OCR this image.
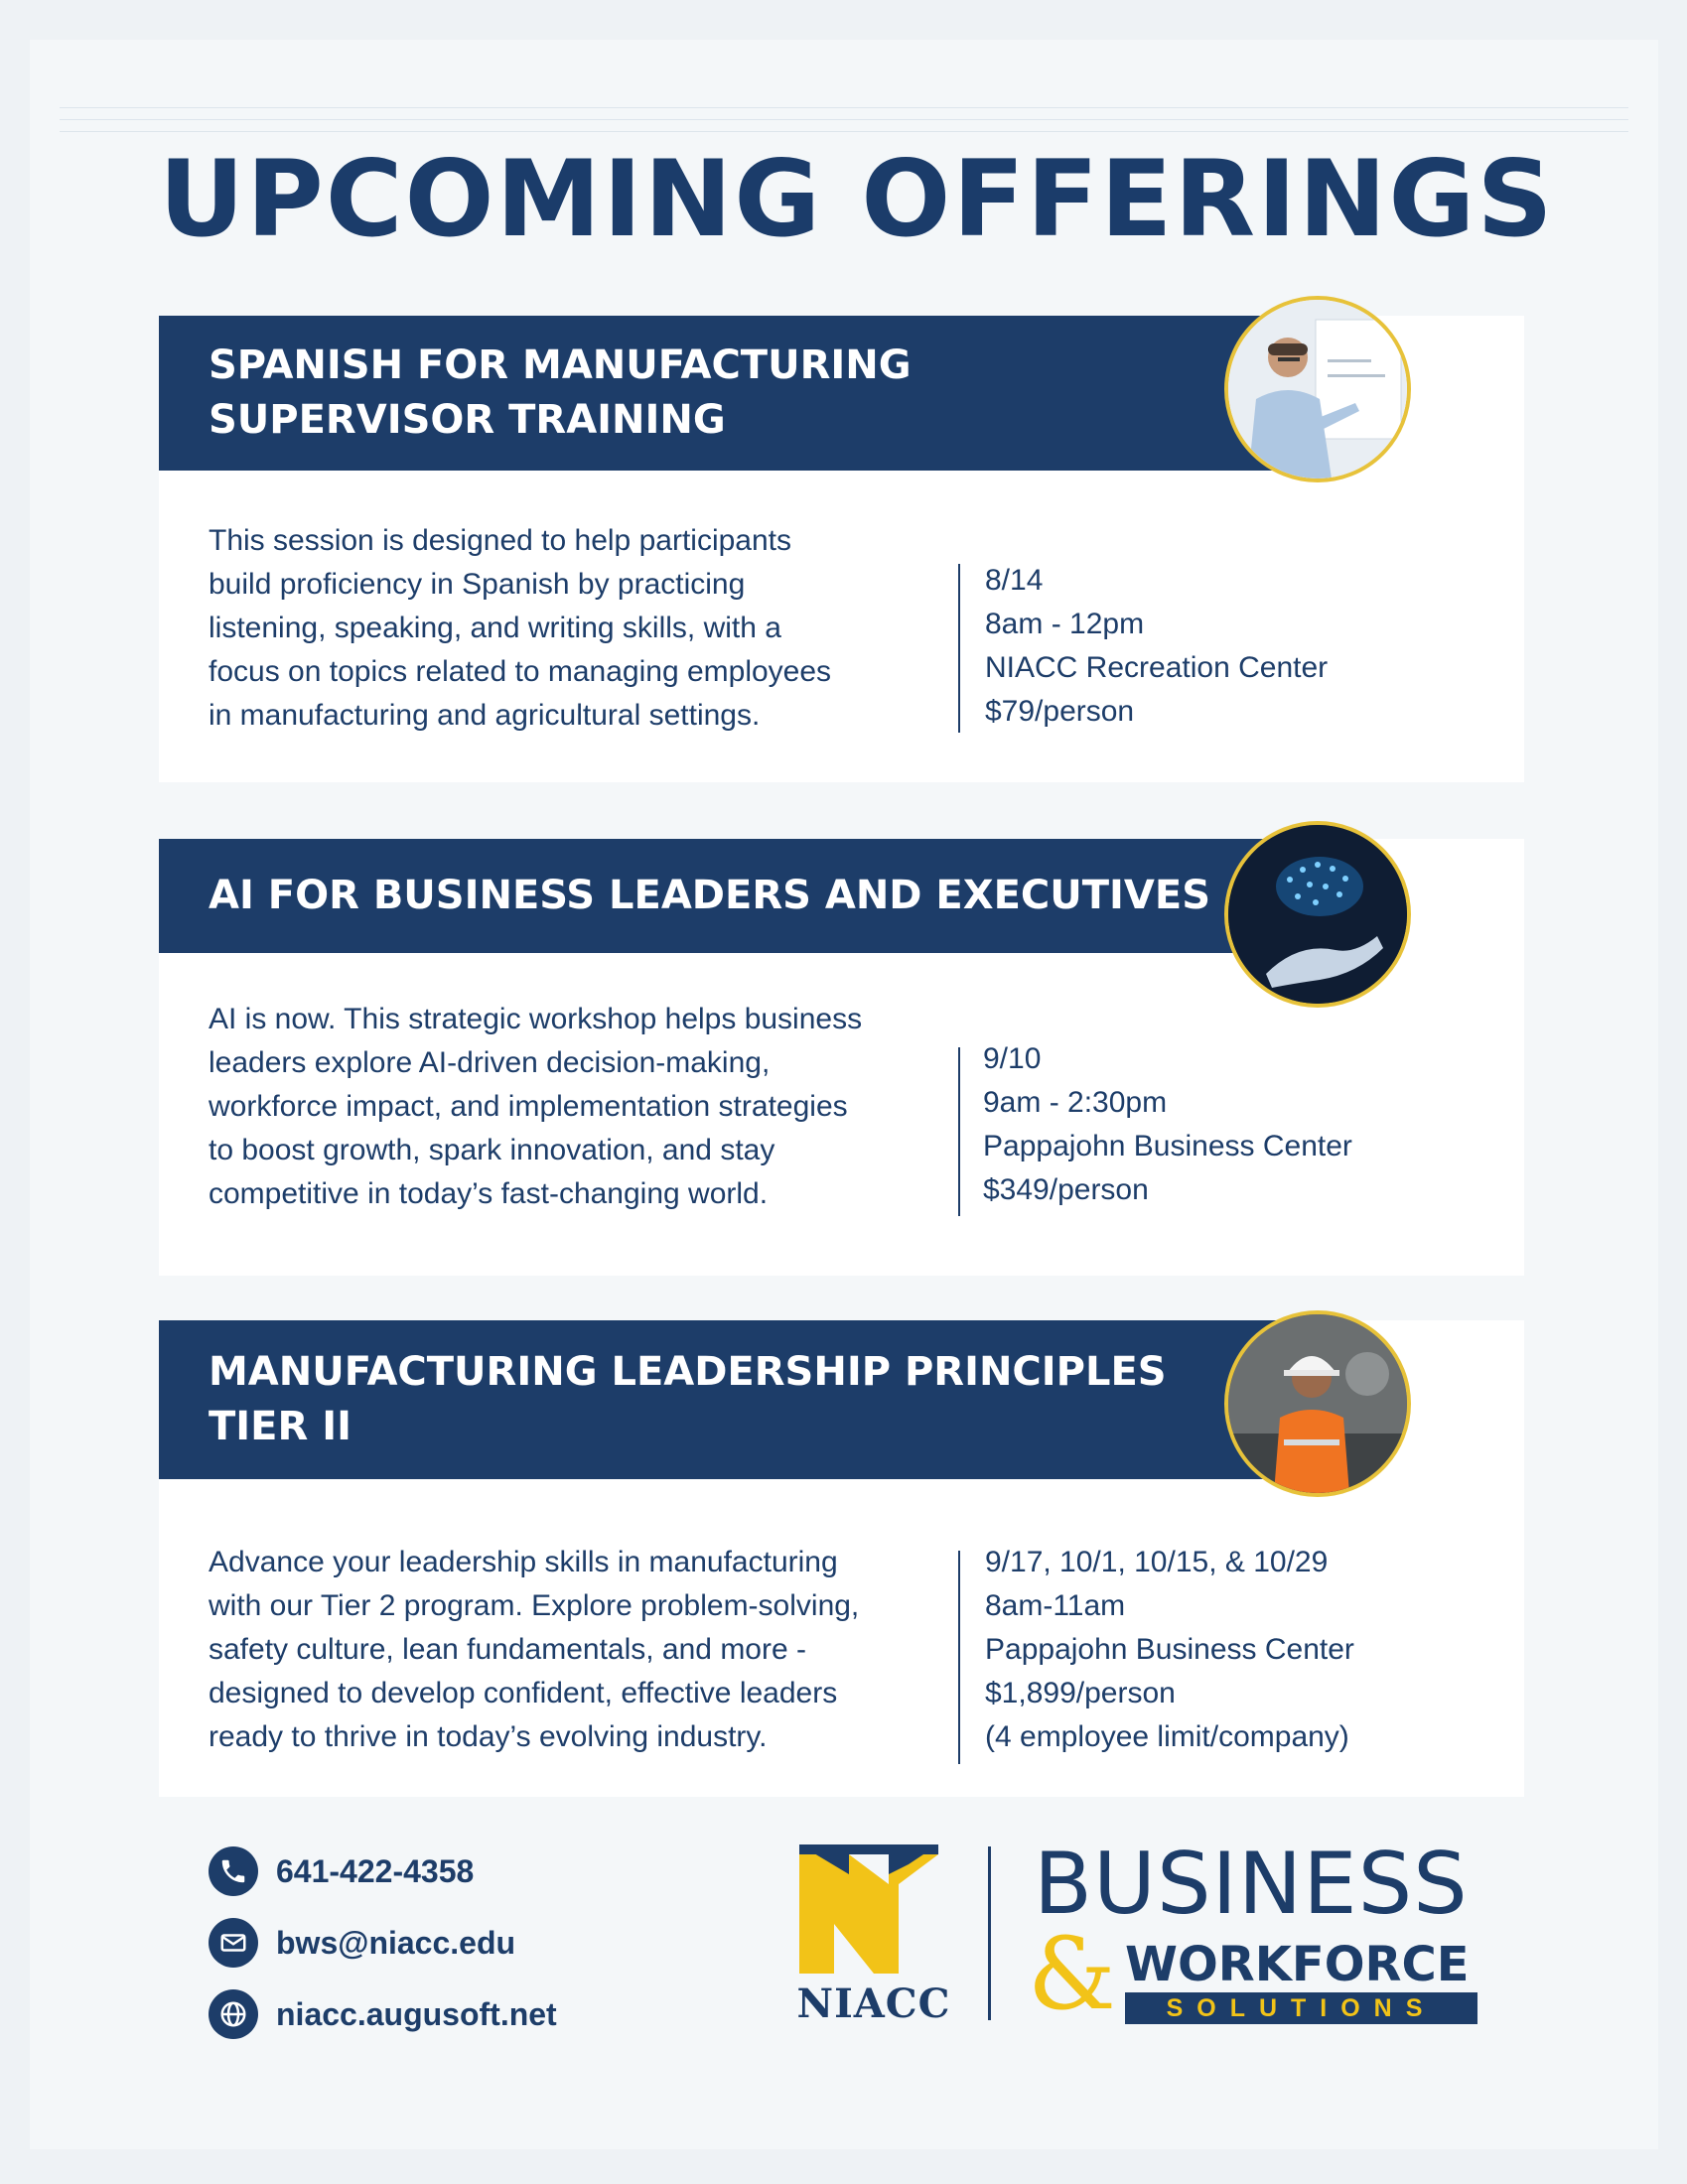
UPCOMING OFFERINGS
SPANISH FOR MANUFACTURING
SUPERVISOR TRAINING
This session is designed to help participants
build proficiency in Spanish by practicing
listening, speaking, and writing skills, with a
focus on topics related to managing employees
in manufacturing and agricultural settings.
8/14
8am - 12pm
NIACC Recreation Center
$79/person
AI FOR BUSINESS LEADERS AND EXECUTIVES
AI is now. This strategic workshop helps business
leaders explore AI-driven decision-making,
workforce impact, and implementation strategies
to boost growth, spark innovation, and stay
competitive in today’s fast-changing world.
9/10
9am - 2:30pm
Pappajohn Business Center
$349/person
MANUFACTURING LEADERSHIP PRINCIPLES
TIER II
Advance your leadership skills in manufacturing
with our Tier 2 program. Explore problem-solving,
safety culture, lean fundamentals, and more -
designed to develop confident, effective leaders
ready to thrive in today’s evolving industry.
9/17, 10/1, 10/15, & 10/29
8am-11am
Pappajohn Business Center
$1,899/person
(4 employee limit/company)
641-422-4358
bws@niacc.edu
niacc.augusoft.net	NIACC
BUSINESS
& WORKFORCE
SOLUTIONS
